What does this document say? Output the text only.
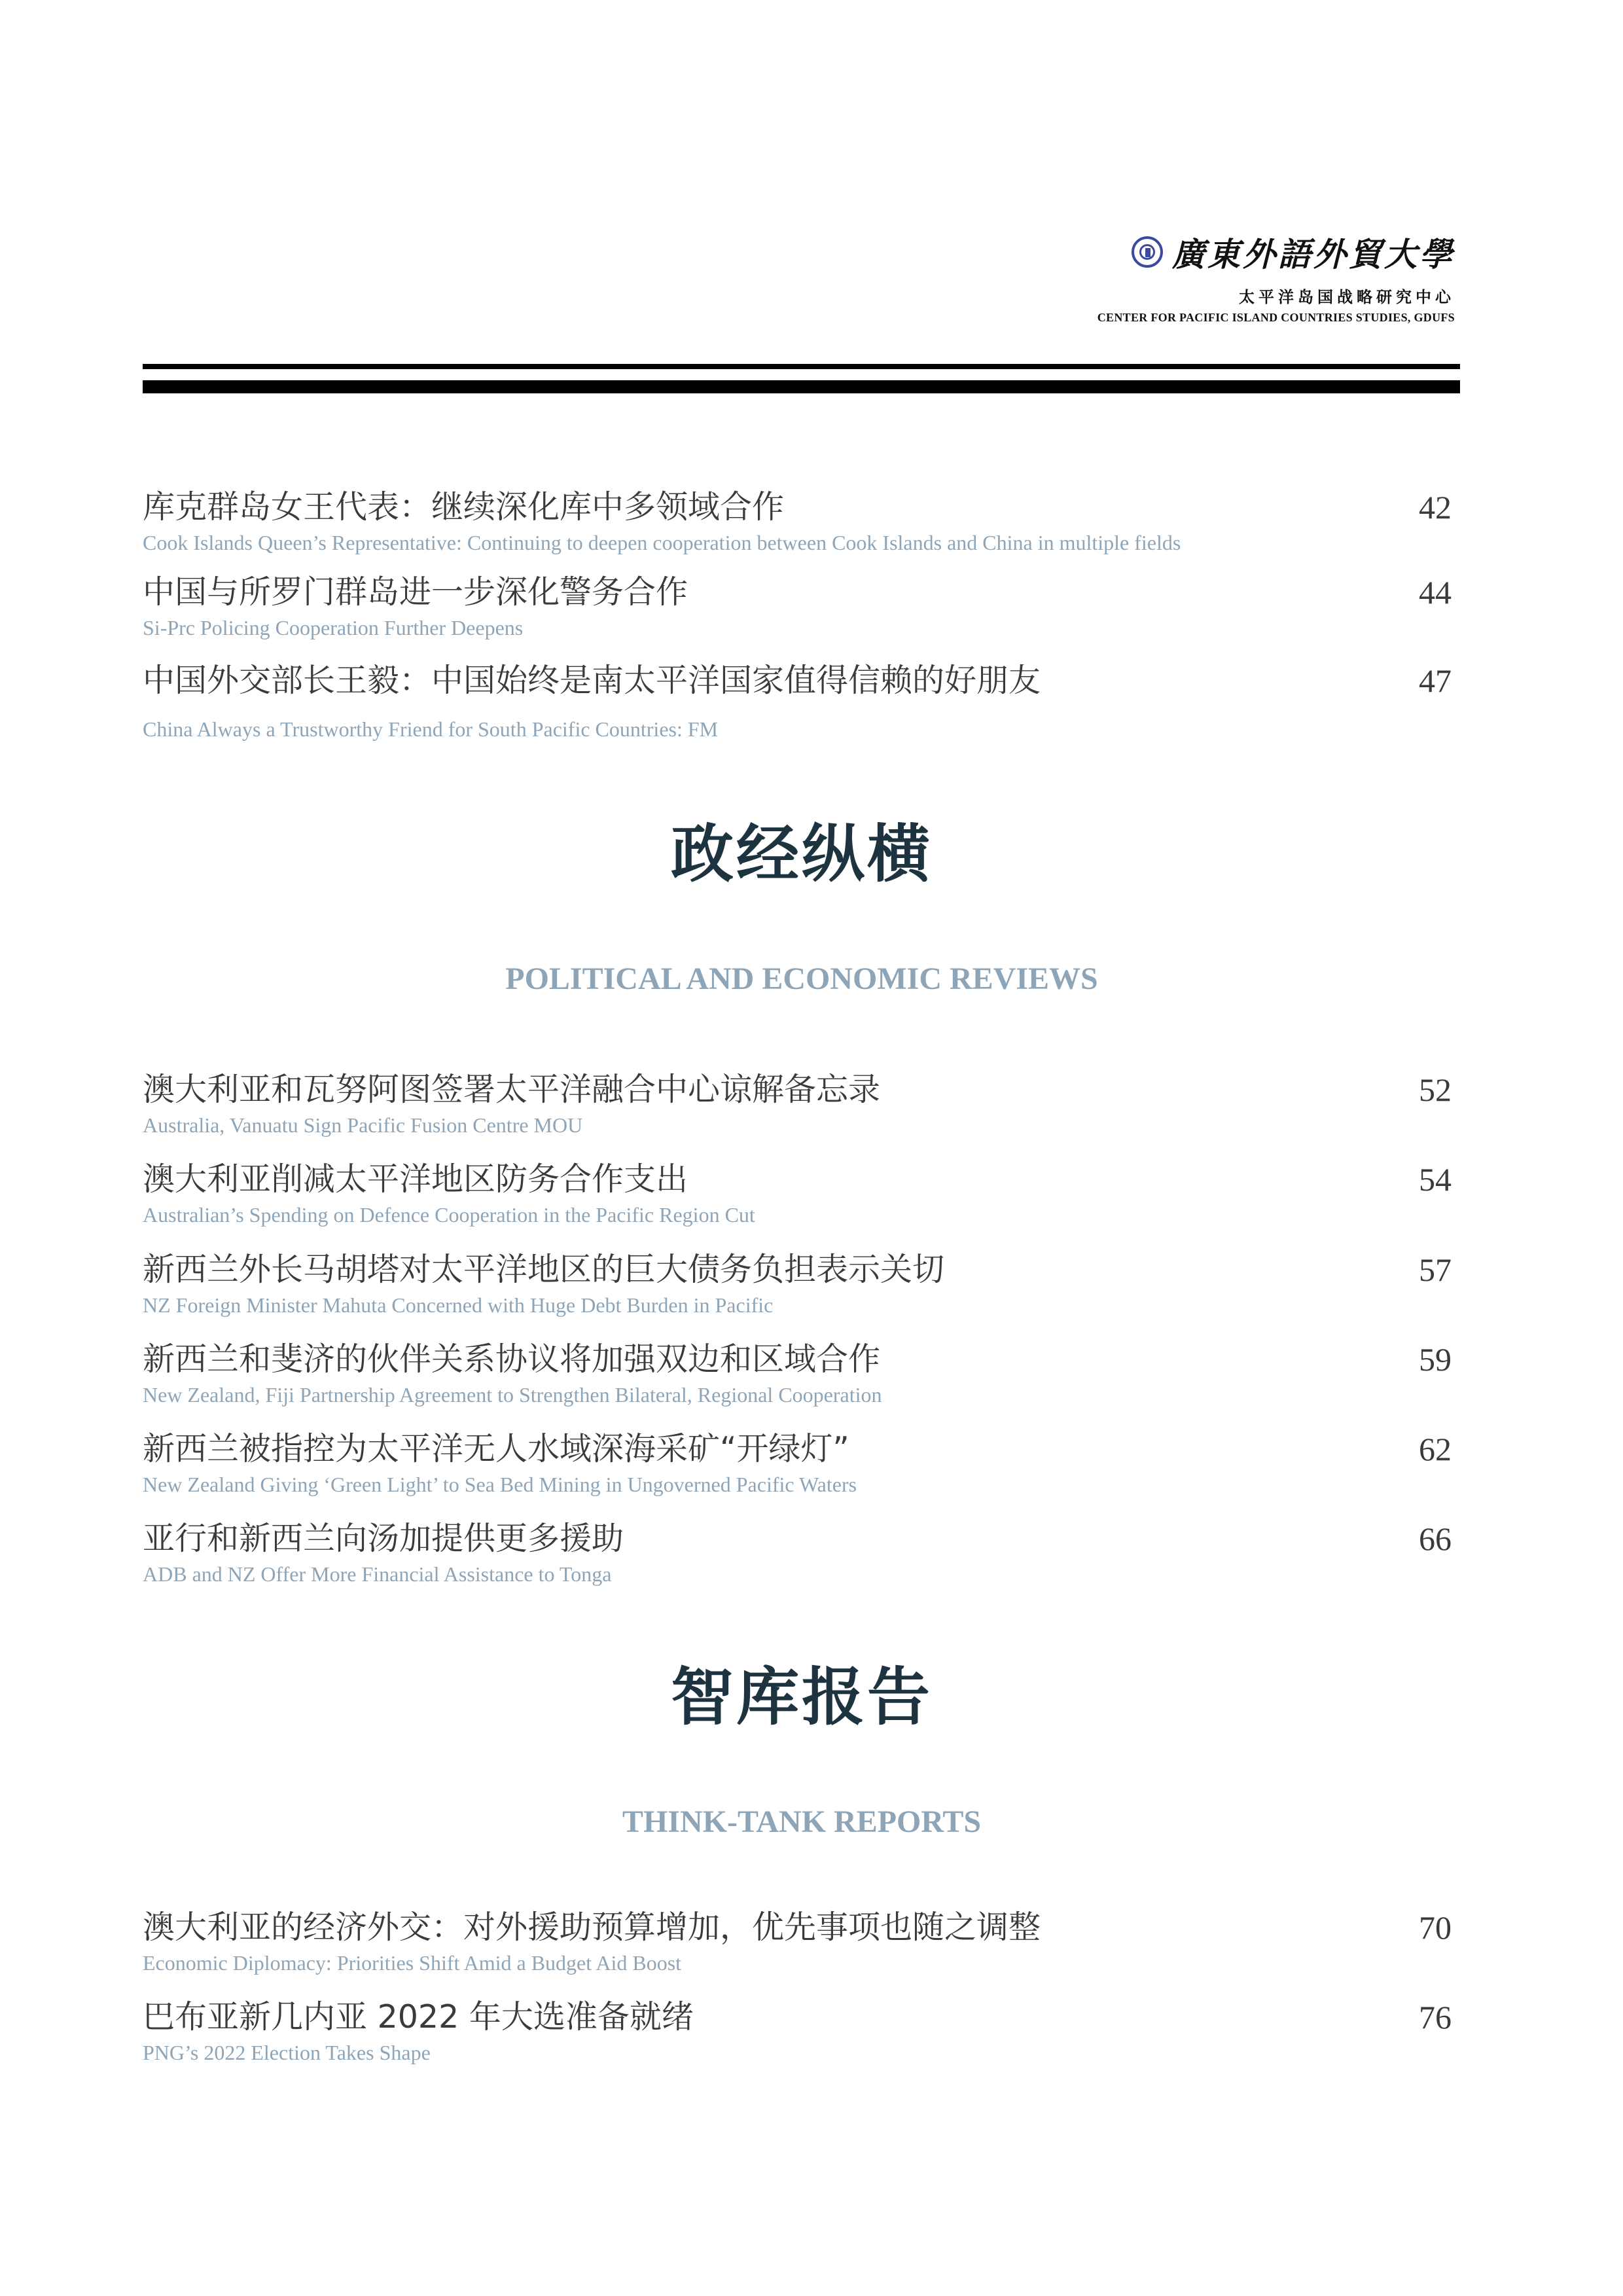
廣東外語外貿大學
太平洋岛国战略研究中心
CENTER FOR PACIFIC ISLAND COUNTRIES STUDIES, GDUFS
库克群岛女王代表：继续深化库中多领域合作
Cook Islands Queen’s Representative: Continuing to deepen cooperation between Cook Islands and China in multiple fields
42
中国与所罗门群岛进一步深化警务合作
Si-Prc Policing Cooperation Further Deepens
44
中国外交部长王毅：中国始终是南太平洋国家值得信赖的好朋友
China Always a Trustworthy Friend for South Pacific Countries: FM
47
政经纵横
POLITICAL AND ECONOMIC REVIEWS
澳大利亚和瓦努阿图签署太平洋融合中心谅解备忘录
Australia, Vanuatu Sign Pacific Fusion Centre MOU
52
澳大利亚削减太平洋地区防务合作支出
Australian’s Spending on Defence Cooperation in the Pacific Region Cut
54
新西兰外长马胡塔对太平洋地区的巨大债务负担表示关切
NZ Foreign Minister Mahuta Concerned with Huge Debt Burden in Pacific
57
新西兰和斐济的伙伴关系协议将加强双边和区域合作
New Zealand, Fiji Partnership Agreement to Strengthen Bilateral, Regional Cooperation
59
新西兰被指控为太平洋无人水域深海采矿“开绿灯”
New Zealand Giving ‘Green Light’ to Sea Bed Mining in Ungoverned Pacific Waters
62
亚行和新西兰向汤加提供更多援助
ADB and NZ Offer More Financial Assistance to Tonga
66
智库报告
THINK-TANK REPORTS
澳大利亚的经济外交：对外援助预算增加，优先事项也随之调整
Economic Diplomacy: Priorities Shift Amid a Budget Aid Boost
70
巴布亚新几内亚 2022 年大选准备就绪
PNG’s 2022 Election Takes Shape
76
